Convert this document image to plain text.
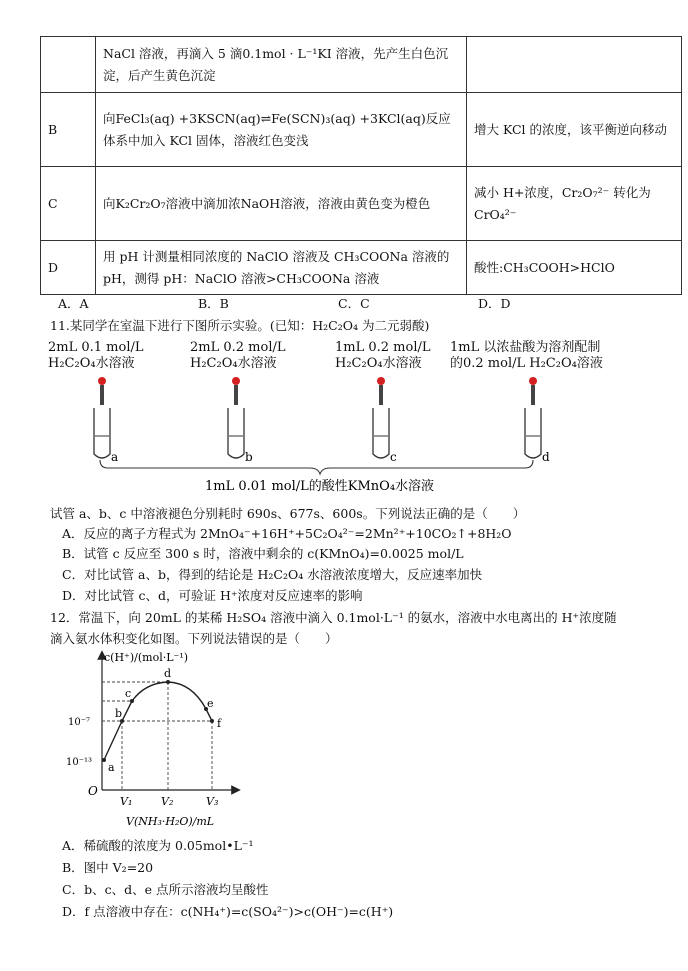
	NaCl 溶液，再滴入 5 滴0.1mol · L⁻¹KI 溶液，先产生白色沉淀，后产生黄色沉淀	
B	向FeCl₃(aq) +3KSCN(aq)⇌Fe(SCN)₃(aq) +3KCl(aq)反应体系中加入 KCl 固体，溶液红色变浅	增大 KCl 的浓度，该平衡逆向移动
C	向K₂Cr₂O₇溶液中滴加浓NaOH溶液，溶液由黄色变为橙色	减小 H+浓度，Cr₂O₇²⁻ 转化为CrO₄²⁻
D	用 pH 计测量相同浓度的 NaClO 溶液及 CH₃COONa 溶液的 pH，测得 pH：NaClO 溶液>CH₃COONa 溶液	酸性:CH₃COOH>HClO
A．A	B．B	C．C	D．D
11.某同学在室温下进行下图所示实验。(已知：H₂C₂O₄ 为二元弱酸)
2mL 0.1 mol/L
H₂C₂O₄水溶液
2mL 0.2 mol/L
H₂C₂O₄水溶液
1mL 0.2 mol/L
H₂C₂O₄水溶液
1mL 以浓盐酸为溶剂配制
的0.2 mol/L H₂C₂O₄溶液
a	b	c	d
1mL 0.01 mol/L的酸性KMnO₄水溶液
试管 a、b、c 中溶液褪色分别耗时 690s、677s、600s。下列说法正确的是（　　）
A．反应的离子方程式为 2MnO₄⁻+16H⁺+5C₂O₄²⁻=2Mn²⁺+10CO₂↑+8H₂O
B．试管 c 反应至 300 s 时，溶液中剩余的 c(KMnO₄)=0.0025 mol/L
C．对比试管 a、b，得到的结论是 H₂C₂O₄ 水溶液浓度增大，反应速率加快
D．对比试管 c、d，可验证 H⁺浓度对反应速率的影响
12．常温下，向 20mL 的某稀 H₂SO₄ 溶液中滴入 0.1mol·L⁻¹ 的氨水，溶液中水电离出的 H⁺浓度随
滴入氨水体积变化如图。下列说法错误的是（　　）
c(H⁺)/(mol·L⁻¹)
V(NH₃·H₂O)/mL
O
10⁻⁷
10⁻¹³
V₁	V₂	V₃
a
b
c
d
e
f
A．稀硫酸的浓度为 0.05mol•L⁻¹
B．图中 V₂=20
C．b、c、d、e 点所示溶液均呈酸性
D．f 点溶液中存在：c(NH₄⁺)=c(SO₄²⁻)>c(OH⁻)=c(H⁺)
